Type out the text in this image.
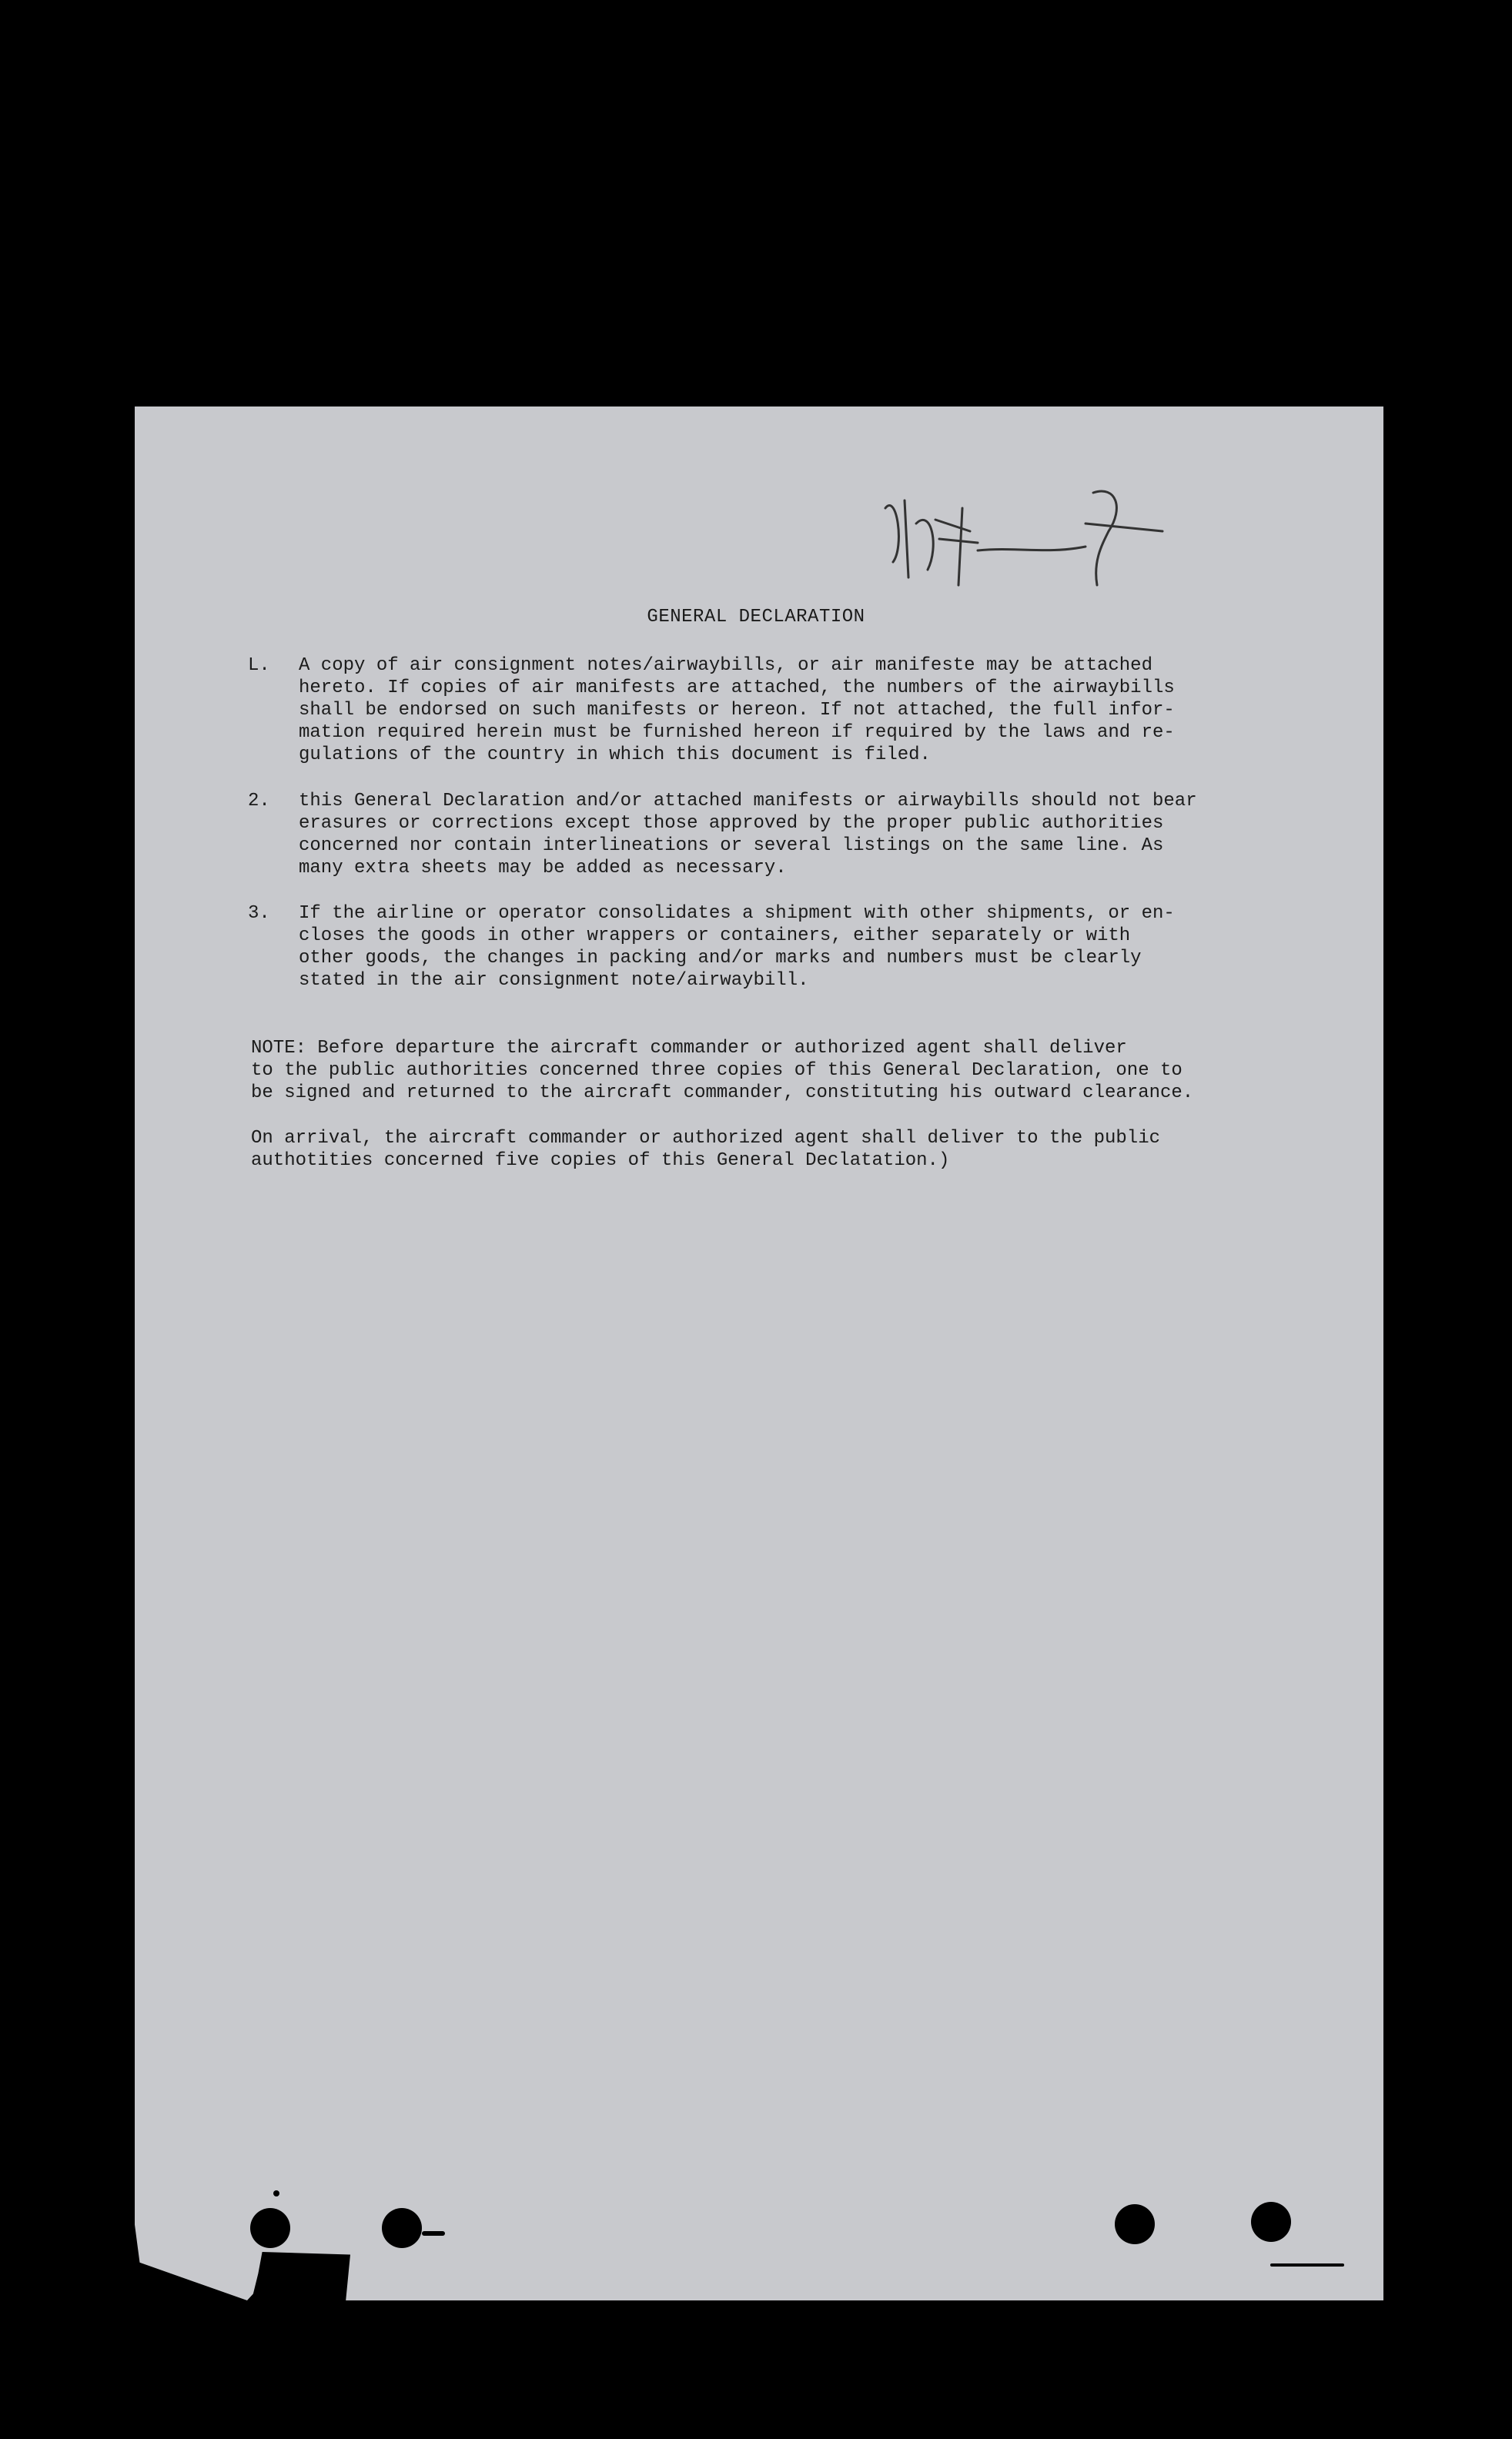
GENERAL DECLARATION
L. A copy of air consignment notes/airwaybills, or air manifeste may be attached
hereto. If copies of air manifests are attached, the numbers of the airwaybills
shall be endorsed on such manifests or hereon. If not attached, the full infor-
mation required herein must be furnished hereon if required by the laws and re-
gulations of the country in which this document is filed.
2. this General Declaration and/or attached manifests or airwaybills should not bear
erasures or corrections except those approved by the proper public authorities
concerned nor contain interlineations or several listings on the same line. As
many extra sheets may be added as necessary.
3. If the airline or operator consolidates a shipment with other shipments, or en-
closes the goods in other wrappers or containers, either separately or with
other goods, the changes in packing and/or marks and numbers must be clearly
stated in the air consignment note/airwaybill.
NOTE: Before departure the aircraft commander or authorized agent shall deliver
to the public authorities concerned three copies of this General Declaration, one to
be signed and returned to the aircraft commander, constituting his outward clearance.
On arrival, the aircraft commander or authorized agent shall deliver to the public
authotities concerned five copies of this General Declatation.)
